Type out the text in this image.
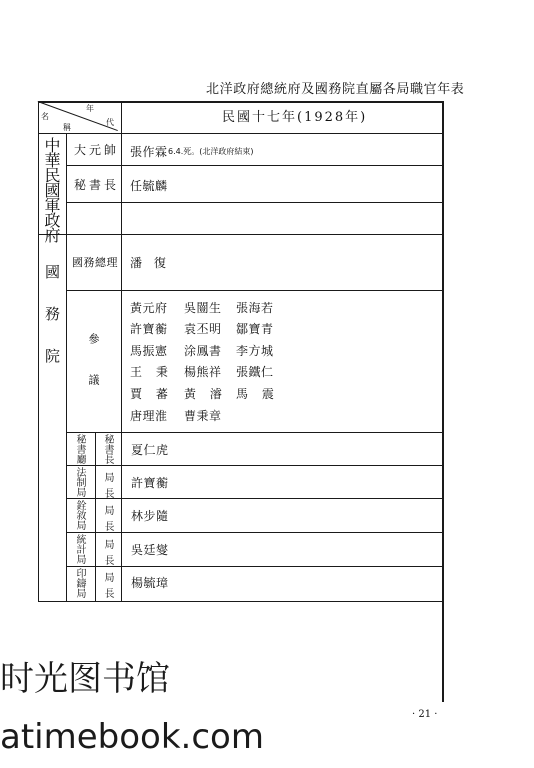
北洋政府總統府及國務院直屬各局職官年表
年
代
名
稱
民國十七年(1928年)
中華民國軍政府
國務院
大元帥
秘書長
國務總理
參議
張作霖 6.4.死。(北洋政府結束)
任毓麟
潘 復
黃元府 吳闓生 張海若
許寶蘅 袁丕明 鄒寶青
馬振憲 涂鳳書 李方城
王 秉 楊熊祥 張鐵仁
賈 蕃 黃 濬 馬 震
唐理淮 曹秉章
秘書廳 秘書長 夏仁虎
法制局 局長 許寶蘅
銓敘局 局長 林步隨
統計局 局長 吳廷燮
印鑄局 局長 楊毓璋
· 21 ·
时光图书馆
atimebook.com
